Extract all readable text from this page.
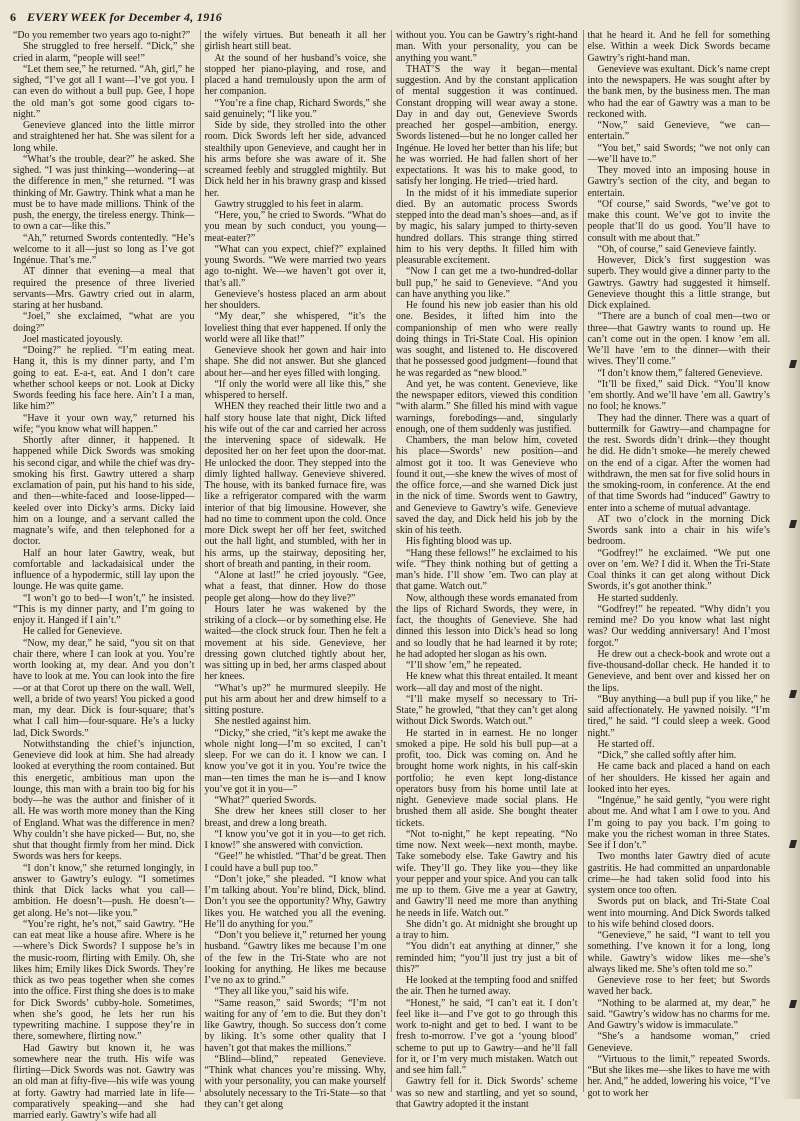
6 EVERY WEEK for December 4, 1916

“Do you remember two years ago to-night?”

She struggled to free herself. “Dick,” she cried in alarm, “people will see!”

“Let them see,” he returned. “Ah, girl,” he sighed, “I’ve got all I want—I’ve got you. I can even do without a bull pup. Gee, I hope the old man’s got some good cigars to-night.”

Genevieve glanced into the little mirror and straightened her hat. She was silent for a long while.

“What’s the trouble, dear?” he asked. She sighed. “I was just thinking—wondering—at the difference in men,” she returned. “I was thinking of Mr. Gawtry. Think what a man he must be to have made millions. Think of the push, the energy, the tireless energy. Think—to own a car—like this.”

“Ah,” returned Swords contentedly. “He’s welcome to it all—just so long as I’ve got Ingénue. That’s me.”

AT dinner that evening—a meal that required the presence of three liveried servants—Mrs. Gawtry cried out in alarm, staring at her husband.

“Joel,” she exclaimed, “what are you doing?”

Joel masticated joyously.

“Doing?” he replied. “I’m eating meat. Hang it, this is my dinner party, and I’m going to eat. E-a-t, eat. And I don’t care whether school keeps or not. Look at Dicky Swords feeding his face here. Ain’t I a man, like him?”

“Have it your own way,” returned his wife; “you know what will happen.”

Shortly after dinner, it happened. It happened while Dick Swords was smoking his second cigar, and while the chief was dry-smoking his first. Gawtry uttered a sharp exclamation of pain, put his hand to his side, and then—white-faced and loose-lipped—keeled over into Dicky’s arms. Dicky laid him on a lounge, and a servant called the magnate’s wife, and then telephoned for a doctor.

Half an hour later Gawtry, weak, but comfortable and lackadaisical under the influence of a hypodermic, still lay upon the lounge. He was quite game.

“I won’t go to bed—I won’t,” he insisted. “This is my dinner party, and I’m going to enjoy it. Hanged if I ain’t.”

He called for Genevieve.

“Now, my dear,” he said, “you sit on that chair there, where I can look at you. You’re worth looking at, my dear. And you don’t have to look at me. You can look into the fire—or at that Corot up there on the wall. Well, well, a bride of two years! You picked a good man, my dear. Dick is four-square; that’s what I call him—four-square. He’s a lucky lad, Dick Swords.”

Notwithstanding the chief’s injunction, Genevieve did look at him. She had already looked at everything the room contained. But this energetic, ambitious man upon the lounge, this man with a brain too big for his body—he was the author and finisher of it all. He was worth more money than the King of England. What was the difference in men? Why couldn’t she have picked— But, no, she shut that thought firmly from her mind. Dick Swords was hers for keeps.

“I don’t know,” she returned longingly, in answer to Gawtry’s eulogy. “I sometimes think that Dick lacks what you call—ambition. He doesn’t—push. He doesn’t—get along. He’s not—like you.”

“You’re right, he’s not,” said Gawtry. “He can eat meat like a house afire. Where is he—where’s Dick Swords? I suppose he’s in the music-room, flirting with Emily. Oh, she likes him; Emily likes Dick Swords. They’re thick as two peas together when she comes into the office. First thing she does is to make for Dick Swords’ cubby-hole. Sometimes, when she’s good, he lets her run his typewriting machine. I suppose they’re in there, somewhere, flirting now.”

Had Gawtry but known it, he was somewhere near the truth. His wife was flirting—Dick Swords was not. Gawtry was an old man at fifty-five—his wife was young at forty. Gawtry had married late in life—comparatively speaking—and she had married early. Gawtry’s wife had all

the wifely virtues. But beneath it all her girlish heart still beat.

At the sound of her husband’s voice, she stopped her piano-playing, and rose, and placed a hand tremulously upon the arm of her companion.

“You’re a fine chap, Richard Swords,” she said genuinely; “I like you.”

Side by side, they strolled into the other room. Dick Swords left her side, advanced stealthily upon Genevieve, and caught her in his arms before she was aware of it. She screamed feebly and struggled mightily. But Dick held her in his brawny grasp and kissed her.

Gawtry struggled to his feet in alarm.

“Here, you,” he cried to Swords. “What do you mean by such conduct, you young—meat-eater?”

“What can you expect, chief?” explained young Swords. “We were married two years ago to-night. We—we haven’t got over it, that’s all.”

Genevieve’s hostess placed an arm about her shoulders.

“My dear,” she whispered, “it’s the loveliest thing that ever happened. If only the world were all like that!”

Genevieve shook her gown and hair into shape. She did not answer. But she glanced about her—and her eyes filled with longing.

“If only the world were all like this,” she whispered to herself.

WHEN they reached their little two and a half story house late that night, Dick lifted his wife out of the car and carried her across the intervening space of sidewalk. He deposited her on her feet upon the door-mat. He unlocked the door. They stepped into the dimly lighted hallway. Genevieve shivered. The house, with its banked furnace fire, was like a refrigerator compared with the warm interior of that big limousine. However, she had no time to comment upon the cold. Once more Dick swept her off her feet, switched out the hall light, and stumbled, with her in his arms, up the stairway, depositing her, short of breath and panting, in their room.

“Alone at last!” he cried joyously. “Gee, what a feast, that dinner. How do those people get along—how do they live?”

Hours later he was wakened by the striking of a clock—or by something else. He waited—the clock struck four. Then he felt a movement at his side. Genevieve, her dressing gown clutched tightly about her, was sitting up in bed, her arms clasped about her knees.

“What’s up?” he murmured sleepily. He put his arm about her and drew himself to a sitting posture.

She nestled against him.

“Dicky,” she cried, “it’s kept me awake the whole night long—I’m so excited, I can’t sleep. For we can do it. I know we can. I know you’ve got it in you. You’re twice the man—ten times the man he is—and I know you’ve got it in you—”

“What?” queried Swords.

She drew her knees still closer to her breast, and drew a long breath.

“I know you’ve got it in you—to get rich. I know!” she answered with conviction.

“Gee!” he whistled. “That’d be great. Then I could have a bull pup too.”

“Don’t joke,” she pleaded. “I know what I’m talking about. You’re blind, Dick, blind. Don’t you see the opportunity? Why, Gawtry likes you. He watched you all the evening. He’ll do anything for you.”

“Don’t you believe it,” returned her young husband. “Gawtry likes me because I’m one of the few in the Tri-State who are not looking for anything. He likes me because I’ve no ax to grind.”

“They all like you,” said his wife.

“Same reason,” said Swords; “I’m not waiting for any of ’em to die. But they don’t like Gawtry, though. So success don’t come by liking. It’s some other quality that I haven’t got that makes the millions.”

“Blind—blind,” repeated Genevieve. “Think what chances you’re missing. Why, with your personality, you can make yourself absolutely necessary to the Tri-State—so that they can’t get along

without you. You can be Gawtry’s right-hand man. With your personality, you can be anything you want.”

THAT’S the way it began—mental suggestion. And by the constant application of mental suggestion it was continued. Constant dropping will wear away a stone. Day in and day out, Genevieve Swords preached her gospel—ambition, energy. Swords listened—but he no longer called her Ingénue. He loved her better than his life; but he was worried. He had fallen short of her expectations. It was his to make good, to satisfy her longing. He tried—tried hard.

In the midst of it his immediate superior died. By an automatic process Swords stepped into the dead man’s shoes—and, as if by magic, his salary jumped to thirty-seven hundred dollars. This strange thing stirred him to his very depths. It filled him with pleasurable excitement.

“Now I can get me a two-hundred-dollar bull pup,” he said to Genevieve. “And you can have anything you like.”

He found his new job easier than his old one. Besides, it lifted him into the companionship of men who were really doing things in Tri-State Coal. His opinion was sought, and listened to. He discovered that he possessed good judgment—found that he was regarded as “new blood.”

And yet, he was content. Genevieve, like the newspaper editors, viewed this condition “with alarm.” She filled his mind with vague warnings, forebodings—and, singularly enough, one of them suddenly was justified.

Chambers, the man below him, coveted his place—Swords’ new position—and almost got it too. It was Genevieve who found it out,—she knew the wives of most of the office force,—and she warned Dick just in the nick of time. Swords went to Gawtry, and Genevieve to Gawtry’s wife. Genevieve saved the day, and Dick held his job by the skin of his teeth.

His fighting blood was up.

“Hang these fellows!” he exclaimed to his wife. “They think nothing but of getting a man’s hide. I’ll show ’em. Two can play at that game. Watch out.”

Now, although these words emanated from the lips of Richard Swords, they were, in fact, the thoughts of Genevieve. She had dinned this lesson into Dick’s head so long and so loudly that he had learned it by rote; he had adopted her slogan as his own.

“I’ll show ’em,” he repeated.

He knew what this threat entailed. It meant work—all day and most of the night.

“I’ll make myself so necessary to Tri-State,” he growled, “that they can’t get along without Dick Swords. Watch out.”

He started in in earnest. He no longer smoked a pipe. He sold his bull pup—at a profit, too. Dick was coming on. And he brought home work nights, in his calf-skin portfolio; he even kept long-distance operators busy from his home until late at night. Genevieve made social plans. He brushed them all aside. She bought theater tickets.

“Not to-night,” he kept repeating. “No time now. Next week—next month, maybe. Take somebody else. Take Gawtry and his wife. They’ll go. They like you—they like your pepper and your spice. And you can talk me up to them. Give me a year at Gawtry, and Gawtry’ll need me more than anything he needs in life. Watch out.”

She didn’t go. At midnight she brought up a tray to him.

“You didn’t eat anything at dinner,” she reminded him; “you’ll just try just a bit of this?”

He looked at the tempting food and sniffed the air. Then he turned away.

“Honest,” he said, “I can’t eat it. I don’t feel like it—and I’ve got to go through this work to-night and get to bed. I want to be fresh to-morrow. I’ve got a ‘young blood’ scheme to put up to Gawtry—and he’ll fall for it, or I’m very much mistaken. Watch out and see him fall.”

Gawtry fell for it. Dick Swords’ scheme was so new and startling, and yet so sound, that Gawtry adopted it the instant

that he heard it. And he fell for something else. Within a week Dick Swords became Gawtry’s right-hand man.

Genevieve was exultant. Dick’s name crept into the newspapers. He was sought after by the bank men, by the business men. The man who had the ear of Gawtry was a man to be reckoned with.

“Now,” said Genevieve, “we can—entertain.”

“You bet,” said Swords; “we not only can—we’ll have to.”

They moved into an imposing house in Gawtry’s section of the city, and began to entertain.

“Of course,” said Swords, “we’ve got to make this count. We’ve got to invite the people that’ll do us good. You’ll have to consult with me about that.”

“Oh, of course,” said Genevieve faintly.

However, Dick’s first suggestion was superb. They would give a dinner party to the Gawtrys. Gawtry had suggested it himself. Genevieve thought this a little strange, but Dick explained.

“There are a bunch of coal men—two or three—that Gawtry wants to round up. He can’t come out in the open. I know ’em all. We’ll have ’em to the dinner—with their wives. They’ll come.”

“I don’t know them,” faltered Genevieve.

“It’ll be fixed,” said Dick. “You’ll know ’em shortly. And we’ll have ’em all. Gawtry’s no fool; he knows.”

They had the dinner. There was a quart of buttermilk for Gawtry—and champagne for the rest. Swords didn’t drink—they thought he did. He didn’t smoke—he merely chewed on the end of a cigar. After the women had withdrawn, the men sat for five solid hours in the smoking-room, in conference. At the end of that time Swords had “induced” Gawtry to enter into a scheme of mutual advantage.

AT two o’clock in the morning Dick Swords sank into a chair in his wife’s bedroom.

“Godfrey!” he exclaimed. “We put one over on ’em. We? I did it. When the Tri-State Coal thinks it can get along without Dick Swords, it’s got another think.”

He started suddenly.

“Godfrey!” he repeated. “Why didn’t you remind me? Do you know what last night was? Our wedding anniversary! And I’most forgot.”

He drew out a check-book and wrote out a five-thousand-dollar check. He handed it to Genevieve, and bent over and kissed her on the lips.

“Buy anything—a bull pup if you like,” he said affectionately. He yawned noisily. “I’m tired,” he said. “I could sleep a week. Good night.”

He started off.

“Dick,” she called softly after him.

He came back and placed a hand on each of her shoulders. He kissed her again and looked into her eyes.

“Ingénue,” he said gently, “you were right about me. And what I am I owe to you. And I’m going to pay you back. I’m going to make you the richest woman in three States. See if I don’t.”

Two months later Gawtry died of acute gastritis. He had committed an unpardonable crime—he had taken solid food into his system once too often.

Swords put on black, and Tri-State Coal went into mourning. And Dick Swords talked to his wife behind closed doors.

“Genevieve,” he said, “I want to tell you something. I’ve known it for a long, long while. Gawtry’s widow likes me—she’s always liked me. She’s often told me so.”

Genevieve rose to her feet; but Swords waved her back.

“Nothing to be alarmed at, my dear,” he said. “Gawtry’s widow has no charms for me. And Gawtry’s widow is immaculate.”

“She’s a handsome woman,” cried Genevieve.

“Virtuous to the limit,” repeated Swords. “But she likes me—she likes to have me with her. And,” he added, lowering his voice, “I’ve got to work her
